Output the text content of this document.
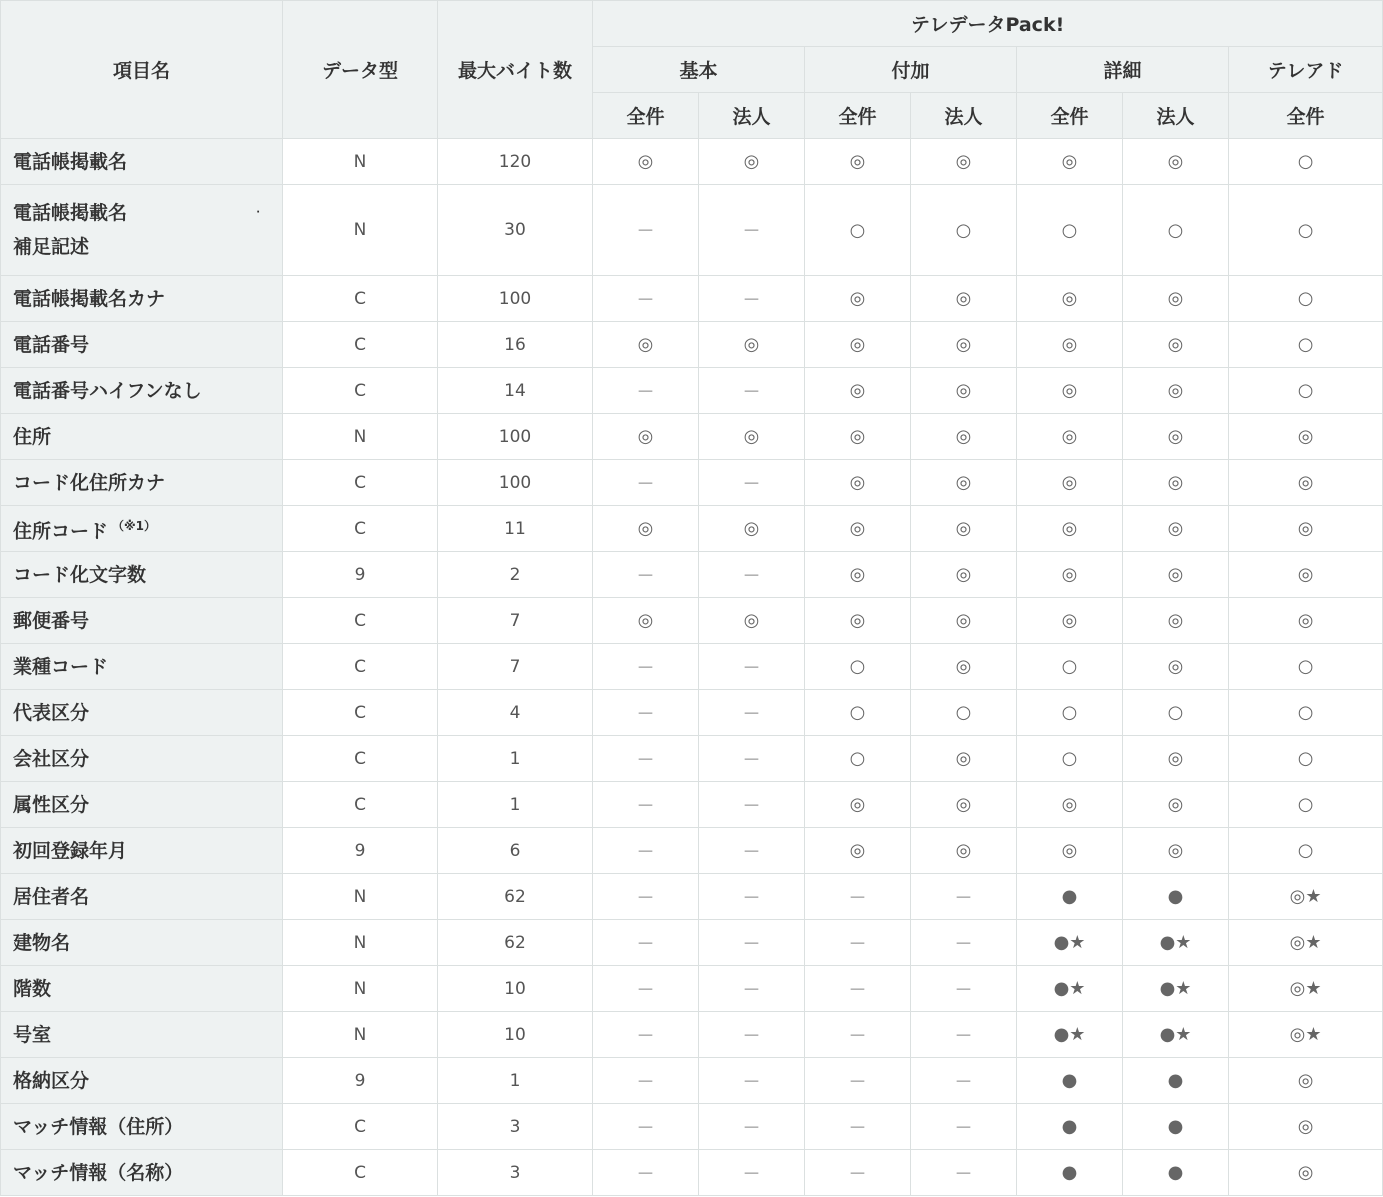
項目名	データ型	最大バイト数	テレデータPack!						
			基本		付加		詳細		テレアド
			全件	法人	全件	法人	全件	法人	全件
電話帳掲載名	N	120	◎	◎	◎	◎	◎	◎	○

·
電話帳掲載名
補足記述	N	30	－	－	○	○	○	○	○
電話帳掲載名カナ	C	100	－	－	◎	◎	◎	◎	○
電話番号	C	16	◎	◎	◎	◎	◎	◎	○
電話番号ハイフンなし	C	14	－	－	◎	◎	◎	◎	○
住所	N	100	◎	◎	◎	◎	◎	◎	◎
コード化住所カナ	C	100	－	－	◎	◎	◎	◎	◎
住所コード $^{(※1)}$	C	11	◎	◎	◎	◎	◎	◎	◎
コード化文字数	9	2	－	－	◎	◎	◎	◎	◎
郵便番号	C	7	◎	◎	◎	◎	◎	◎	◎
業種コード	C	7	－	－	○	◎	○	◎	○
代表区分	C	4	－	－	○	○	○	○	○
会社区分	C	1	－	－	○	◎	○	◎	○
属性区分	C	1	－	－	◎	◎	◎	◎	○
初回登録年月	9	6	－	－	◎	◎	◎	◎	○
居住者名	N	62	－	－	－	－	●	●	◎★
建物名	N	62	－	－	－	－	●★	●★	◎★
階数	N	10	－	－	－	－	●★	●★	◎★
号室	N	10	－	－	－	－	●★	●★	◎★
格納区分	9	1	－	－	－	－	●	●	◎
マッチ情報（住所）	C	3	－	－	－	－	●	●	◎
マッチ情報（名称）	C	3	－	－	－	－	●	●	◎
